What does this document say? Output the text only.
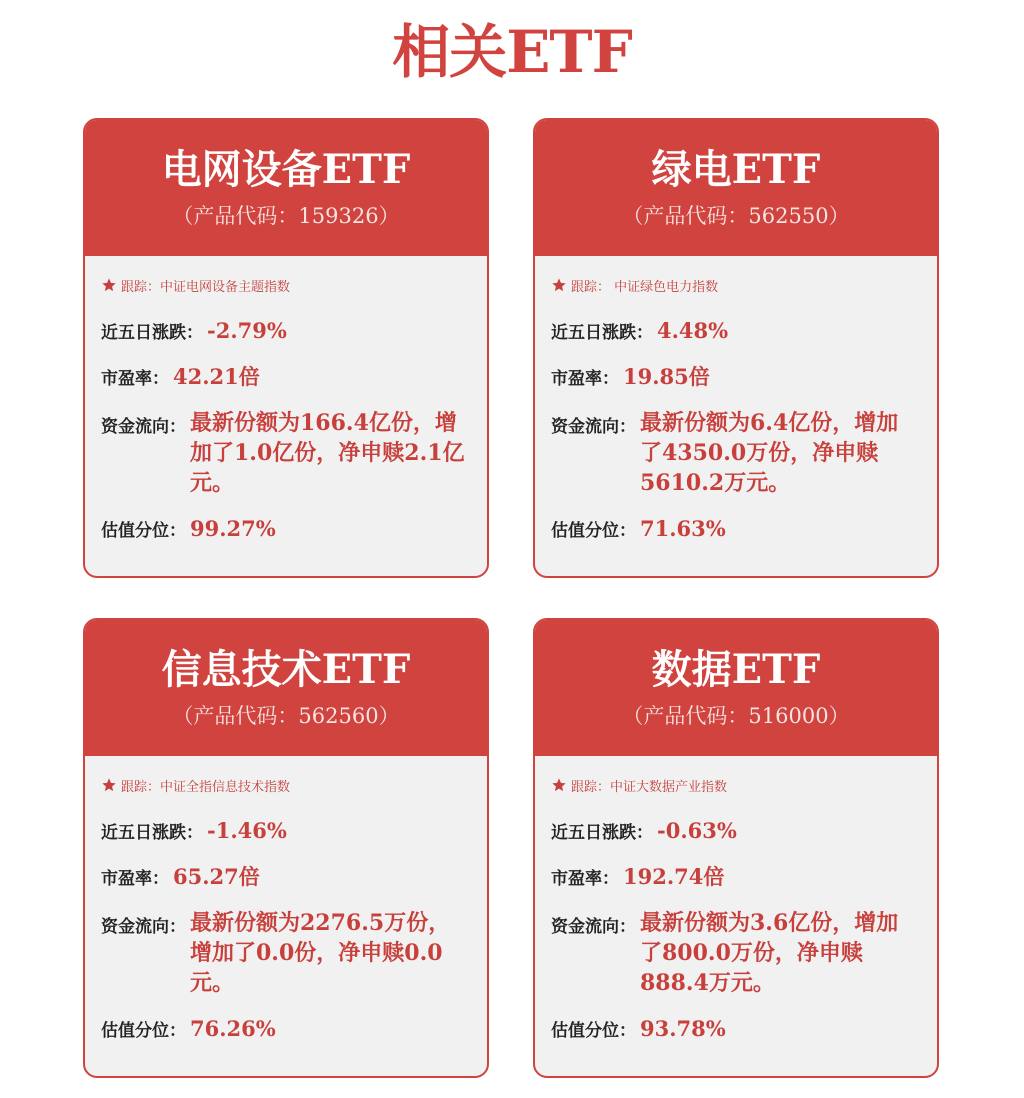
相关ETF
电网设备ETF
（产品代码：159326）
跟踪： 中证电网设备主题指数
近五日涨跌： -2.79%
市盈率： 42.21倍
资金流向： 最新份额为166.4亿份，增加了1.0亿份，净申赎2.1亿元。
估值分位： 99.27%
绿电ETF
（产品代码：562550）
跟踪： 中证绿色电力指数
近五日涨跌： 4.48%
市盈率： 19.85倍
资金流向： 最新份额为6.4亿份，增加了4350.0万份，净申赎5610.2万元。
估值分位： 71.63%
信息技术ETF
（产品代码：562560）
跟踪： 中证全指信息技术指数
近五日涨跌： -1.46%
市盈率： 65.27倍
资金流向： 最新份额为2276.5万份，增加了0.0份，净申赎0.0元。
估值分位： 76.26%
数据ETF
（产品代码：516000）
跟踪： 中证大数据产业指数
近五日涨跌： -0.63%
市盈率： 192.74倍
资金流向： 最新份额为3.6亿份，增加了800.0万份，净申赎888.4万元。
估值分位： 93.78%
